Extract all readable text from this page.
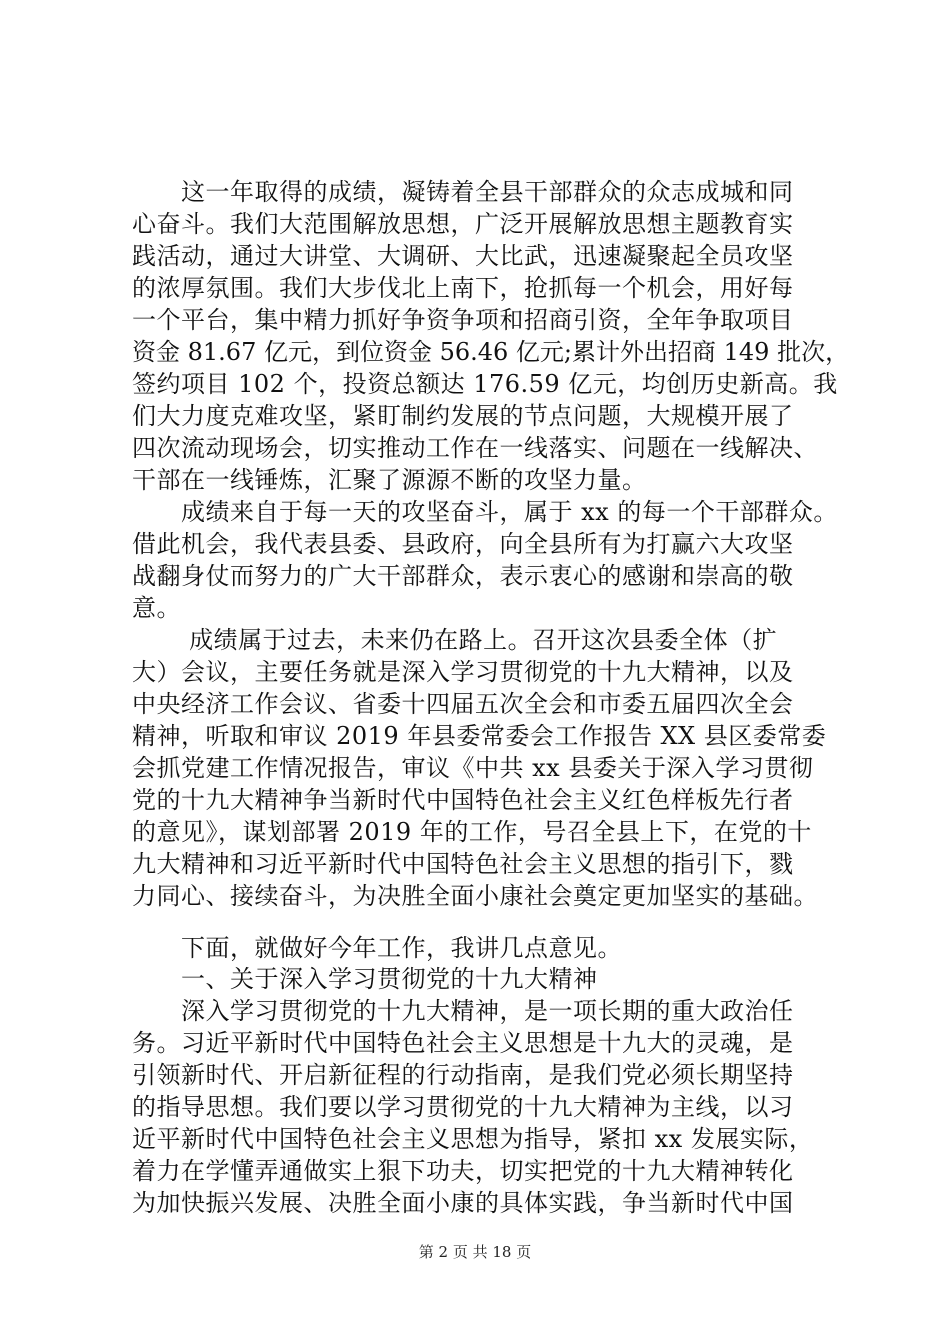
　　这一年取得的成绩，凝铸着全县干部群众的众志成城和同
心奋斗。我们大范围解放思想，广泛开展解放思想主题教育实
践活动，通过大讲堂、大调研、大比武，迅速凝聚起全员攻坚
的浓厚氛围。我们大步伐北上南下，抢抓每一个机会，用好每
一个平台，集中精力抓好争资争项和招商引资，全年争取项目
资金 81.67 亿元，到位资金 56.46 亿元;累计外出招商 149 批次，
签约项目 102 个，投资总额达 176.59 亿元，均创历史新高。我
们大力度克难攻坚，紧盯制约发展的节点问题，大规模开展了
四次流动现场会，切实推动工作在一线落实、问题在一线解决、
干部在一线锤炼，汇聚了源源不断的攻坚力量。
　　成绩来自于每一天的攻坚奋斗，属于 xx 的每一个干部群众。
借此机会，我代表县委、县政府，向全县所有为打赢六大攻坚
战翻身仗而努力的广大干部群众，表示衷心的感谢和崇高的敬
意。
　　 成绩属于过去，未来仍在路上。召开这次县委全体（扩
大）会议，主要任务就是深入学习贯彻党的十九大精神，以及
中央经济工作会议、省委十四届五次全会和市委五届四次全会
精神，听取和审议 2019 年县委常委会工作报告 XX 县区委常委
会抓党建工作情况报告，审议《中共 xx 县委关于深入学习贯彻
党的十九大精神争当新时代中国特色社会主义红色样板先行者
的意见》，谋划部署 2019 年的工作，号召全县上下，在党的十
九大精神和习近平新时代中国特色社会主义思想的指引下，戮
力同心、接续奋斗，为决胜全面小康社会奠定更加坚实的基础。
　　下面，就做好今年工作，我讲几点意见。
　　一、关于深入学习贯彻党的十九大精神
　　深入学习贯彻党的十九大精神，是一项长期的重大政治任
务。习近平新时代中国特色社会主义思想是十九大的灵魂，是
引领新时代、开启新征程的行动指南，是我们党必须长期坚持
的指导思想。我们要以学习贯彻党的十九大精神为主线，以习
近平新时代中国特色社会主义思想为指导，紧扣 xx 发展实际，
着力在学懂弄通做实上狠下功夫，切实把党的十九大精神转化
为加快振兴发展、决胜全面小康的具体实践，争当新时代中国
第 2 页 共 18 页
